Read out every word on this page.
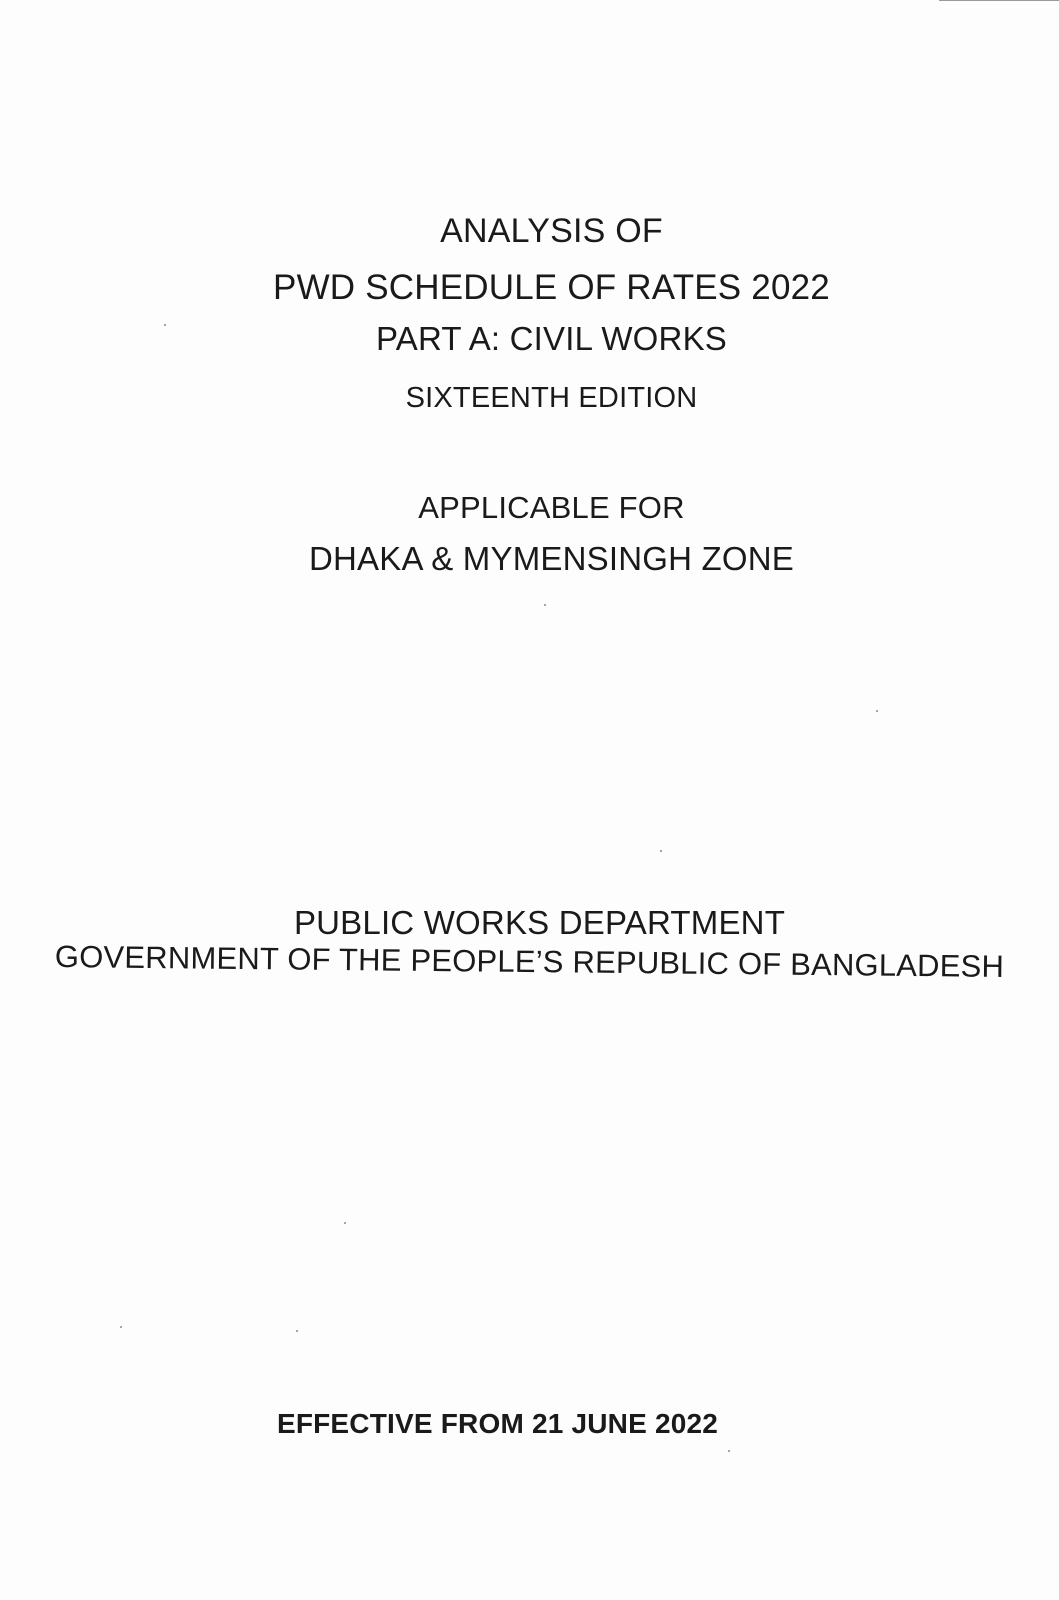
ANALYSIS OF
PWD SCHEDULE OF RATES 2022
PART A: CIVIL WORKS
SIXTEENTH EDITION
APPLICABLE FOR
DHAKA & MYMENSINGH ZONE
PUBLIC WORKS DEPARTMENT
GOVERNMENT OF THE PEOPLE’S REPUBLIC OF BANGLADESH
EFFECTIVE FROM 21 JUNE 2022
